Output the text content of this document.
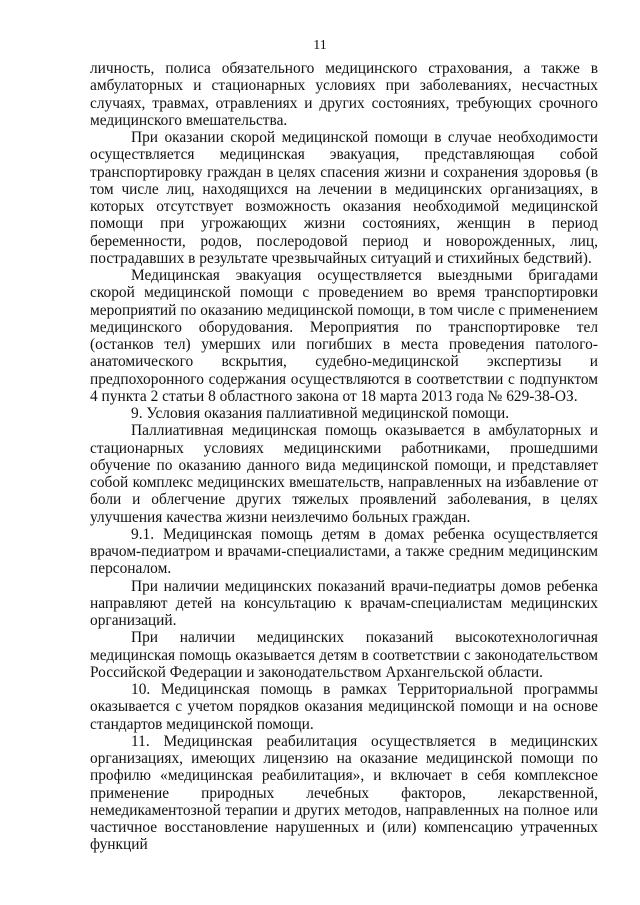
11

личность, полиса обязательного медицинского страхования, а также в амбулаторных и стационарных условиях при заболеваниях, несчастных случаях, травмах, отравлениях и других состояниях, требующих срочного медицинского вмешательства.

При оказании скорой медицинской помощи в случае необходимости осуществляется медицинская эвакуация, представляющая собой транспортировку граждан в целях спасения жизни и сохранения здоровья (в том числе лиц, находящихся на лечении в медицинских организациях, в которых отсутствует возможность оказания необходимой медицинской помощи при угрожающих жизни состояниях, женщин в период беременности, родов, послеродовой период и новорожденных, лиц, пострадавших в результате чрезвычайных ситуаций и стихийных бедствий).

Медицинская эвакуация осуществляется выездными бригадами скорой медицинской помощи с проведением во время транспортировки мероприятий по оказанию медицинской помощи, в том числе с применением медицинского оборудования. Мероприятия по транспортировке тел (останков тел) умерших или погибших в места проведения патолого-анатомического вскрытия, судебно-медицинской экспертизы и предпохоронного содержания осуществляются в соответствии с подпунктом 4 пункта 2 статьи 8 областного закона от 18 марта 2013 года № 629-38-ОЗ.

9. Условия оказания паллиативной медицинской помощи.

Паллиативная медицинская помощь оказывается в амбулаторных и стационарных условиях медицинскими работниками, прошедшими обучение по оказанию данного вида медицинской помощи, и представляет собой комплекс медицинских вмешательств, направленных на избавление от боли и облегчение других тяжелых проявлений заболевания, в целях улучшения качества жизни неизлечимо больных граждан.

9.1. Медицинская помощь детям в домах ребенка осуществляется врачом-педиатром и врачами-специалистами, а также средним медицинским персоналом.

При наличии медицинских показаний врачи-педиатры домов ребенка направляют детей на консультацию к врачам-специалистам медицинских организаций.

При наличии медицинских показаний высокотехнологичная медицинская помощь оказывается детям в соответствии с законодательством Российской Федерации и законодательством Архангельской области.

10. Медицинская помощь в рамках Территориальной программы оказывается с учетом порядков оказания медицинской помощи и на основе стандартов медицинской помощи.

11. Медицинская реабилитация осуществляется в медицинских организациях, имеющих лицензию на оказание медицинской помощи по профилю «медицинская реабилитация», и включает в себя комплексное применение природных лечебных факторов, лекарственной, немедикаментозной терапии и других методов, направленных на полное или частичное восстановление нарушенных и (или) компенсацию утраченных функций
